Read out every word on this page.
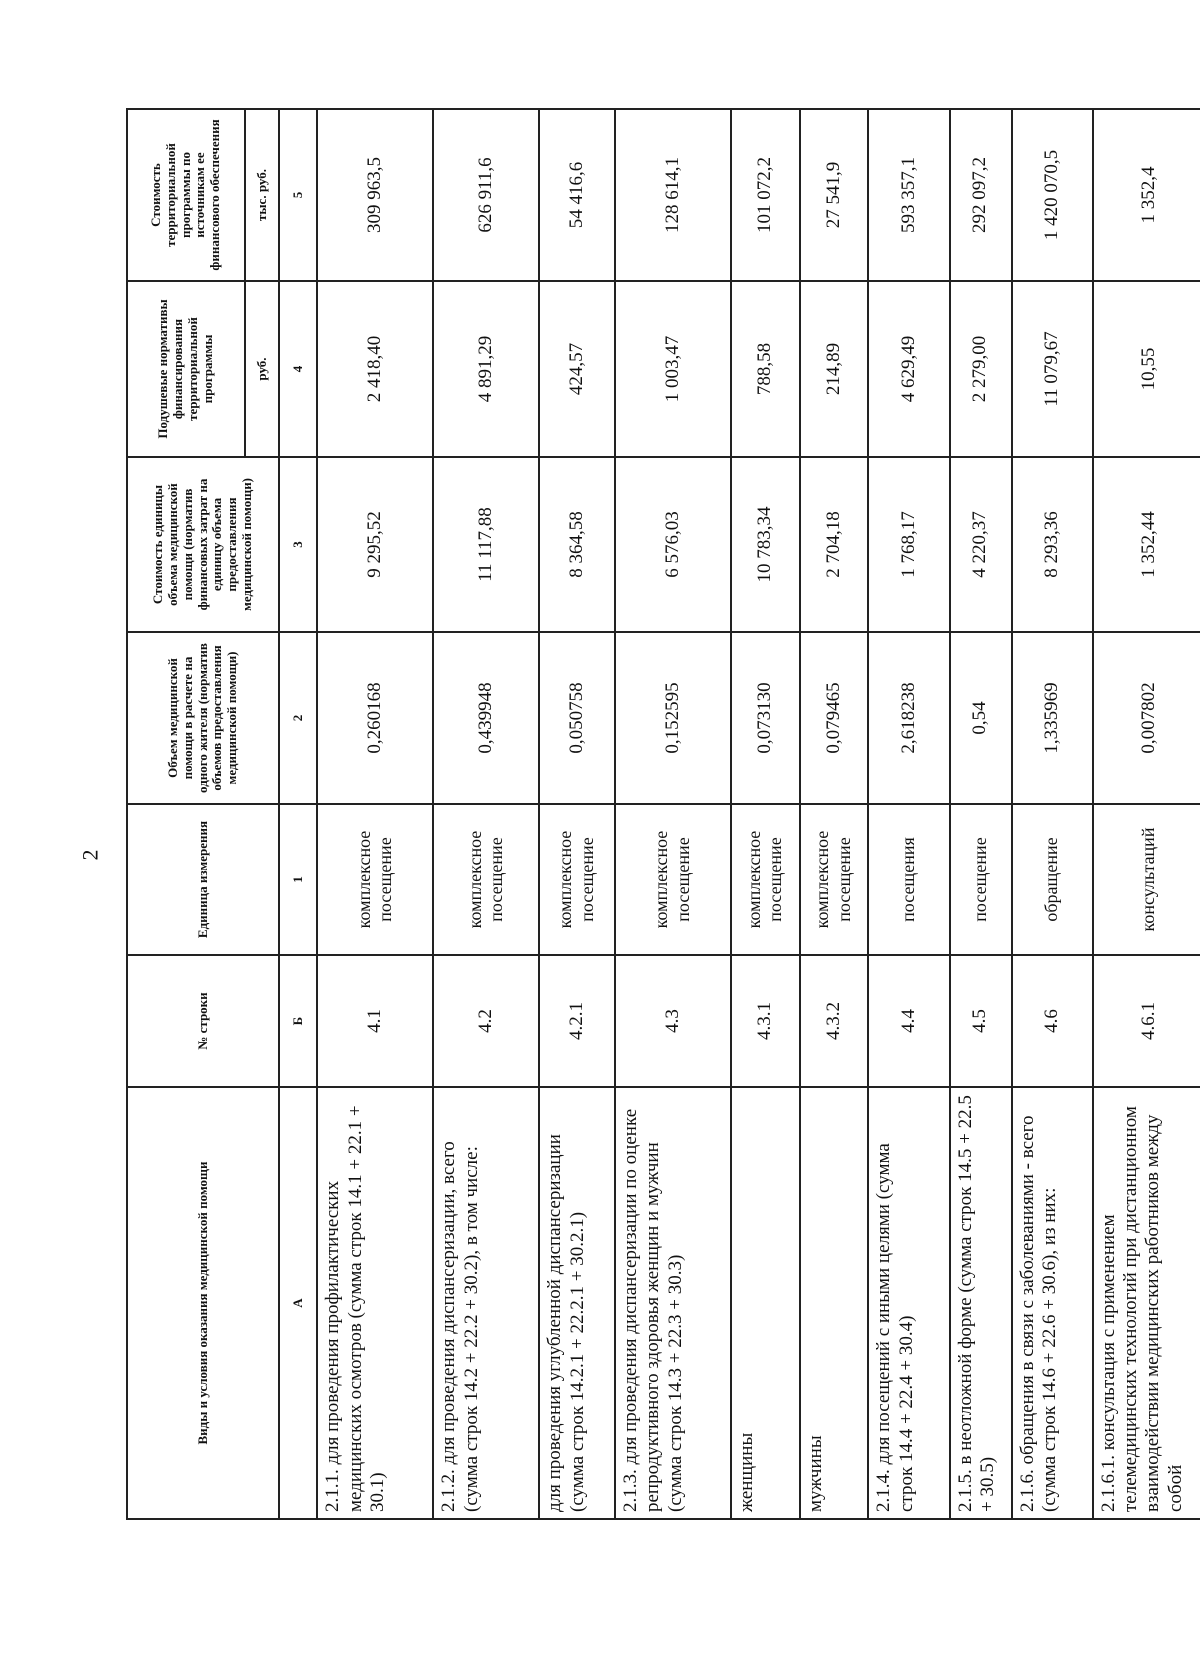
2
Виды и условия оказания медицинской помощи	№ строки	Единица измерения	Объем медицинской помощи в расчете на одного жителя (норматив объемов предоставления медицинской помощи)	Стоимость единицы объема медицинской помощи (норматив финансовых затрат на единицу объема предоставления медицинской помощи)	Подушевые нормативы финансирования территориальной программы	Стоимость территориальной программы по источникам ее финансового обеспечения
					руб.	тыс. руб.
А	Б	1	2	3	4	5
2.1.1. для проведения профилактических медицинских осмотров (сумма строк 14.1 + 22.1 + 30.1)	4.1	комплексное посещение	0,260168	9 295,52	2 418,40	309 963,5
2.1.2. для проведения диспансеризации, всего (сумма строк 14.2 + 22.2 + 30.2), в том числе:	4.2	комплексное посещение	0,439948	11 117,88	4 891,29	626 911,6
для проведения углубленной диспансеризации (сумма строк 14.2.1 + 22.2.1 + 30.2.1)	4.2.1	комплексное посещение	0,050758	8 364,58	424,57	54 416,6
2.1.3. для проведения диспансеризации по оценке репродуктивного здоровья женщин и мужчин (сумма строк 14.3 + 22.3 + 30.3)	4.3	комплексное посещение	0,152595	6 576,03	1 003,47	128 614,1
женщины	4.3.1	комплексное посещение	0,073130	10 783,34	788,58	101 072,2
мужчины	4.3.2	комплексное посещение	0,079465	2 704,18	214,89	27 541,9
2.1.4. для посещений с иными целями (сумма строк 14.4 + 22.4 + 30.4)	4.4	посещения	2,618238	1 768,17	4 629,49	593 357,1
2.1.5. в неотложной форме (сумма строк 14.5 + 22.5 + 30.5)	4.5	посещение	0,54	4 220,37	2 279,00	292 097,2
2.1.6. обращения в связи с заболеваниями - всего (сумма строк 14.6 + 22.6 + 30.6), из них:	4.6	обращение	1,335969	8 293,36	11 079,67	1 420 070,5
2.1.6.1. консультация с применением телемедицинских технологий при дистанционном взаимодействии медицинских работников между собой	4.6.1	консультаций	0,007802	1 352,44	10,55	1 352,4
